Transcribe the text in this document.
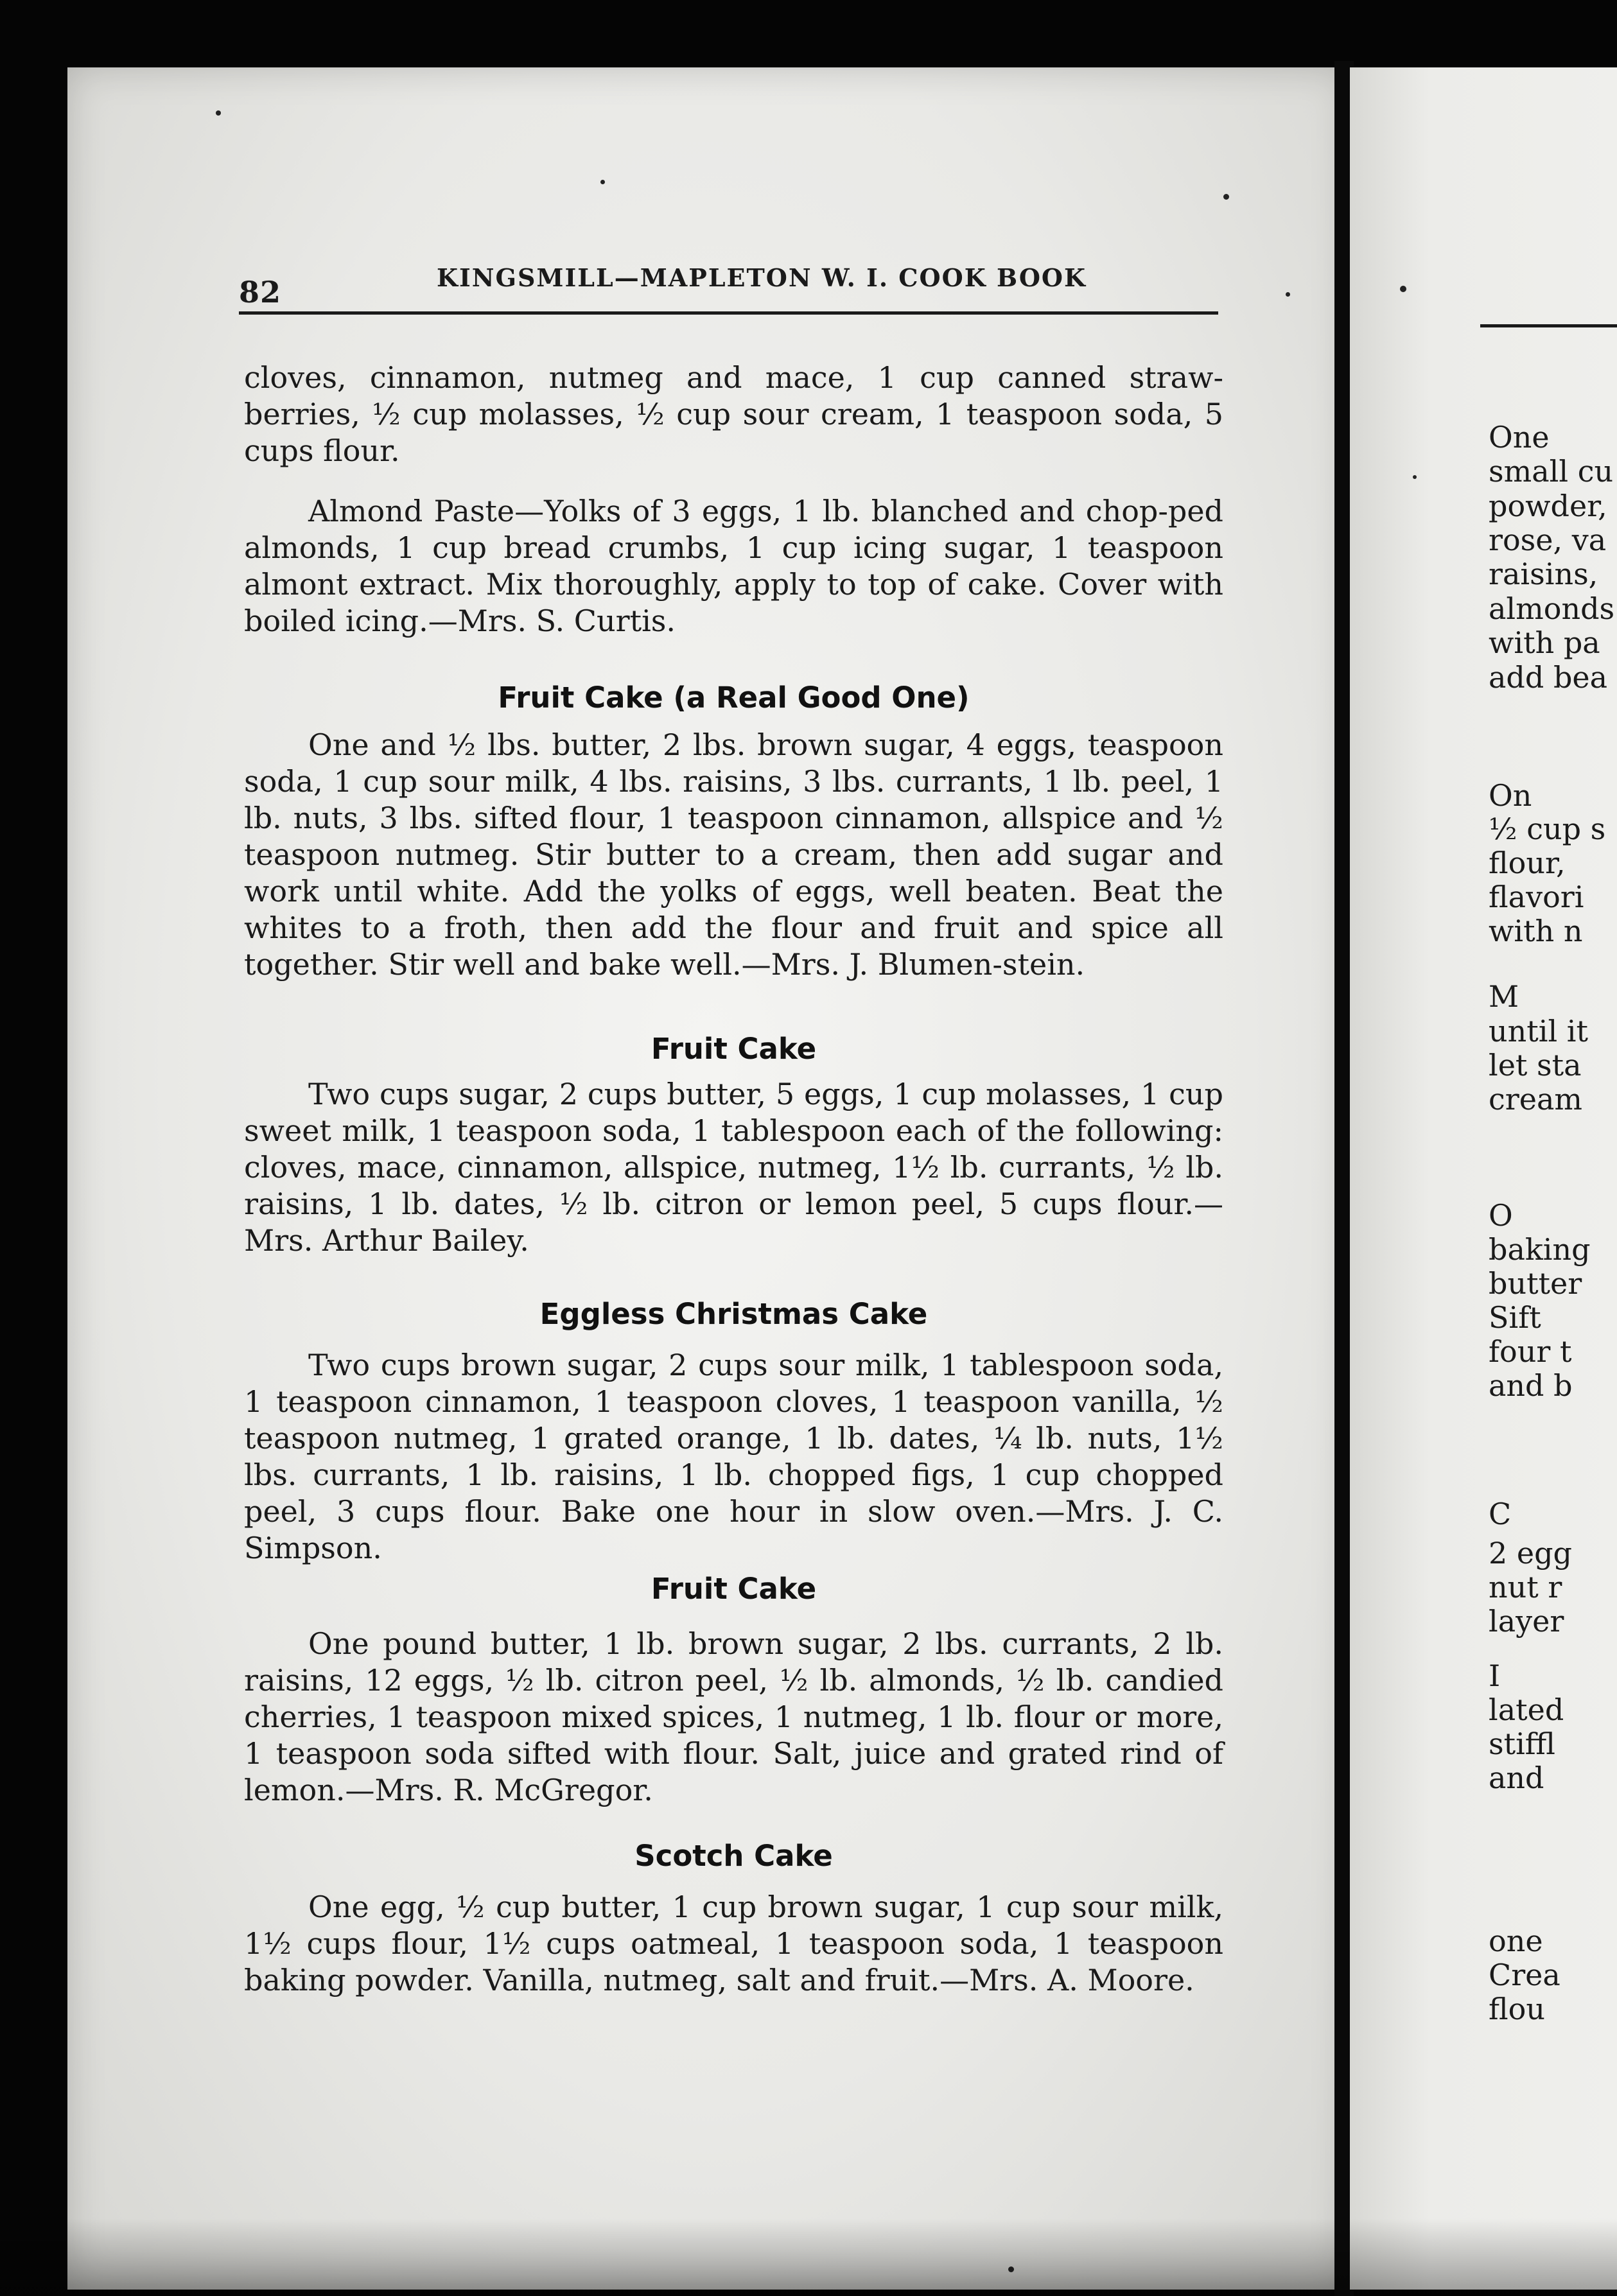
82	KINGSMILL—MAPLETON W. I. COOK BOOK
cloves, cinnamon, nutmeg and mace, 1 cup canned straw-berries, ½ cup molasses, ½ cup sour cream, 1 teaspoon soda, 5 cups flour.
Almond Paste—Yolks of 3 eggs, 1 lb. blanched and chop-ped almonds, 1 cup bread crumbs, 1 cup icing sugar, 1 teaspoon almont extract. Mix thoroughly, apply to top of cake. Cover with boiled icing.—Mrs. S. Curtis.
Fruit Cake (a Real Good One)
One and ½ lbs. butter, 2 lbs. brown sugar, 4 eggs, teaspoon soda, 1 cup sour milk, 4 lbs. raisins, 3 lbs. currants, 1 lb. peel, 1 lb. nuts, 3 lbs. sifted flour, 1 teaspoon cinnamon, allspice and ½ teaspoon nutmeg. Stir butter to a cream, then add sugar and work until white. Add the yolks of eggs, well beaten. Beat the whites to a froth, then add the flour and fruit and spice all together. Stir well and bake well.—Mrs. J. Blumen-stein.
Fruit Cake
Two cups sugar, 2 cups butter, 5 eggs, 1 cup molasses, 1 cup sweet milk, 1 teaspoon soda, 1 tablespoon each of the following: cloves, mace, cinnamon, allspice, nutmeg, 1½ lb. currants, ½ lb. raisins, 1 lb. dates, ½ lb. citron or lemon peel, 5 cups flour.—Mrs. Arthur Bailey.
Eggless Christmas Cake
Two cups brown sugar, 2 cups sour milk, 1 tablespoon soda, 1 teaspoon cinnamon, 1 teaspoon cloves, 1 teaspoon vanilla, ½ teaspoon nutmeg, 1 grated orange, 1 lb. dates, ¼ lb. nuts, 1½ lbs. currants, 1 lb. raisins, 1 lb. chopped figs, 1 cup chopped peel, 3 cups flour. Bake one hour in slow oven.—Mrs. J. C. Simpson.
Fruit Cake
One pound butter, 1 lb. brown sugar, 2 lbs. currants, 2 lb. raisins, 12 eggs, ½ lb. citron peel, ½ lb. almonds, ½ lb. candied cherries, 1 teaspoon mixed spices, 1 nutmeg, 1 lb. flour or more, 1 teaspoon soda sifted with flour. Salt, juice and grated rind of lemon.—Mrs. R. McGregor.
Scotch Cake
One egg, ½ cup butter, 1 cup brown sugar, 1 cup sour milk, 1½ cups flour, 1½ cups oatmeal, 1 teaspoon soda, 1 teaspoon baking powder. Vanilla, nutmeg, salt and fruit.—Mrs. A. Moore.
One
small cu
powder,
rose, va
raisins,
almonds
with pa
add bea
On
½ cup s
flour,
flavori
with n
M
until it
let sta
cream
O
baking
butter
Sift
four t
and b
C
2 egg
nut r
layer
I
lated
stiffl
and
one
Crea
flou
